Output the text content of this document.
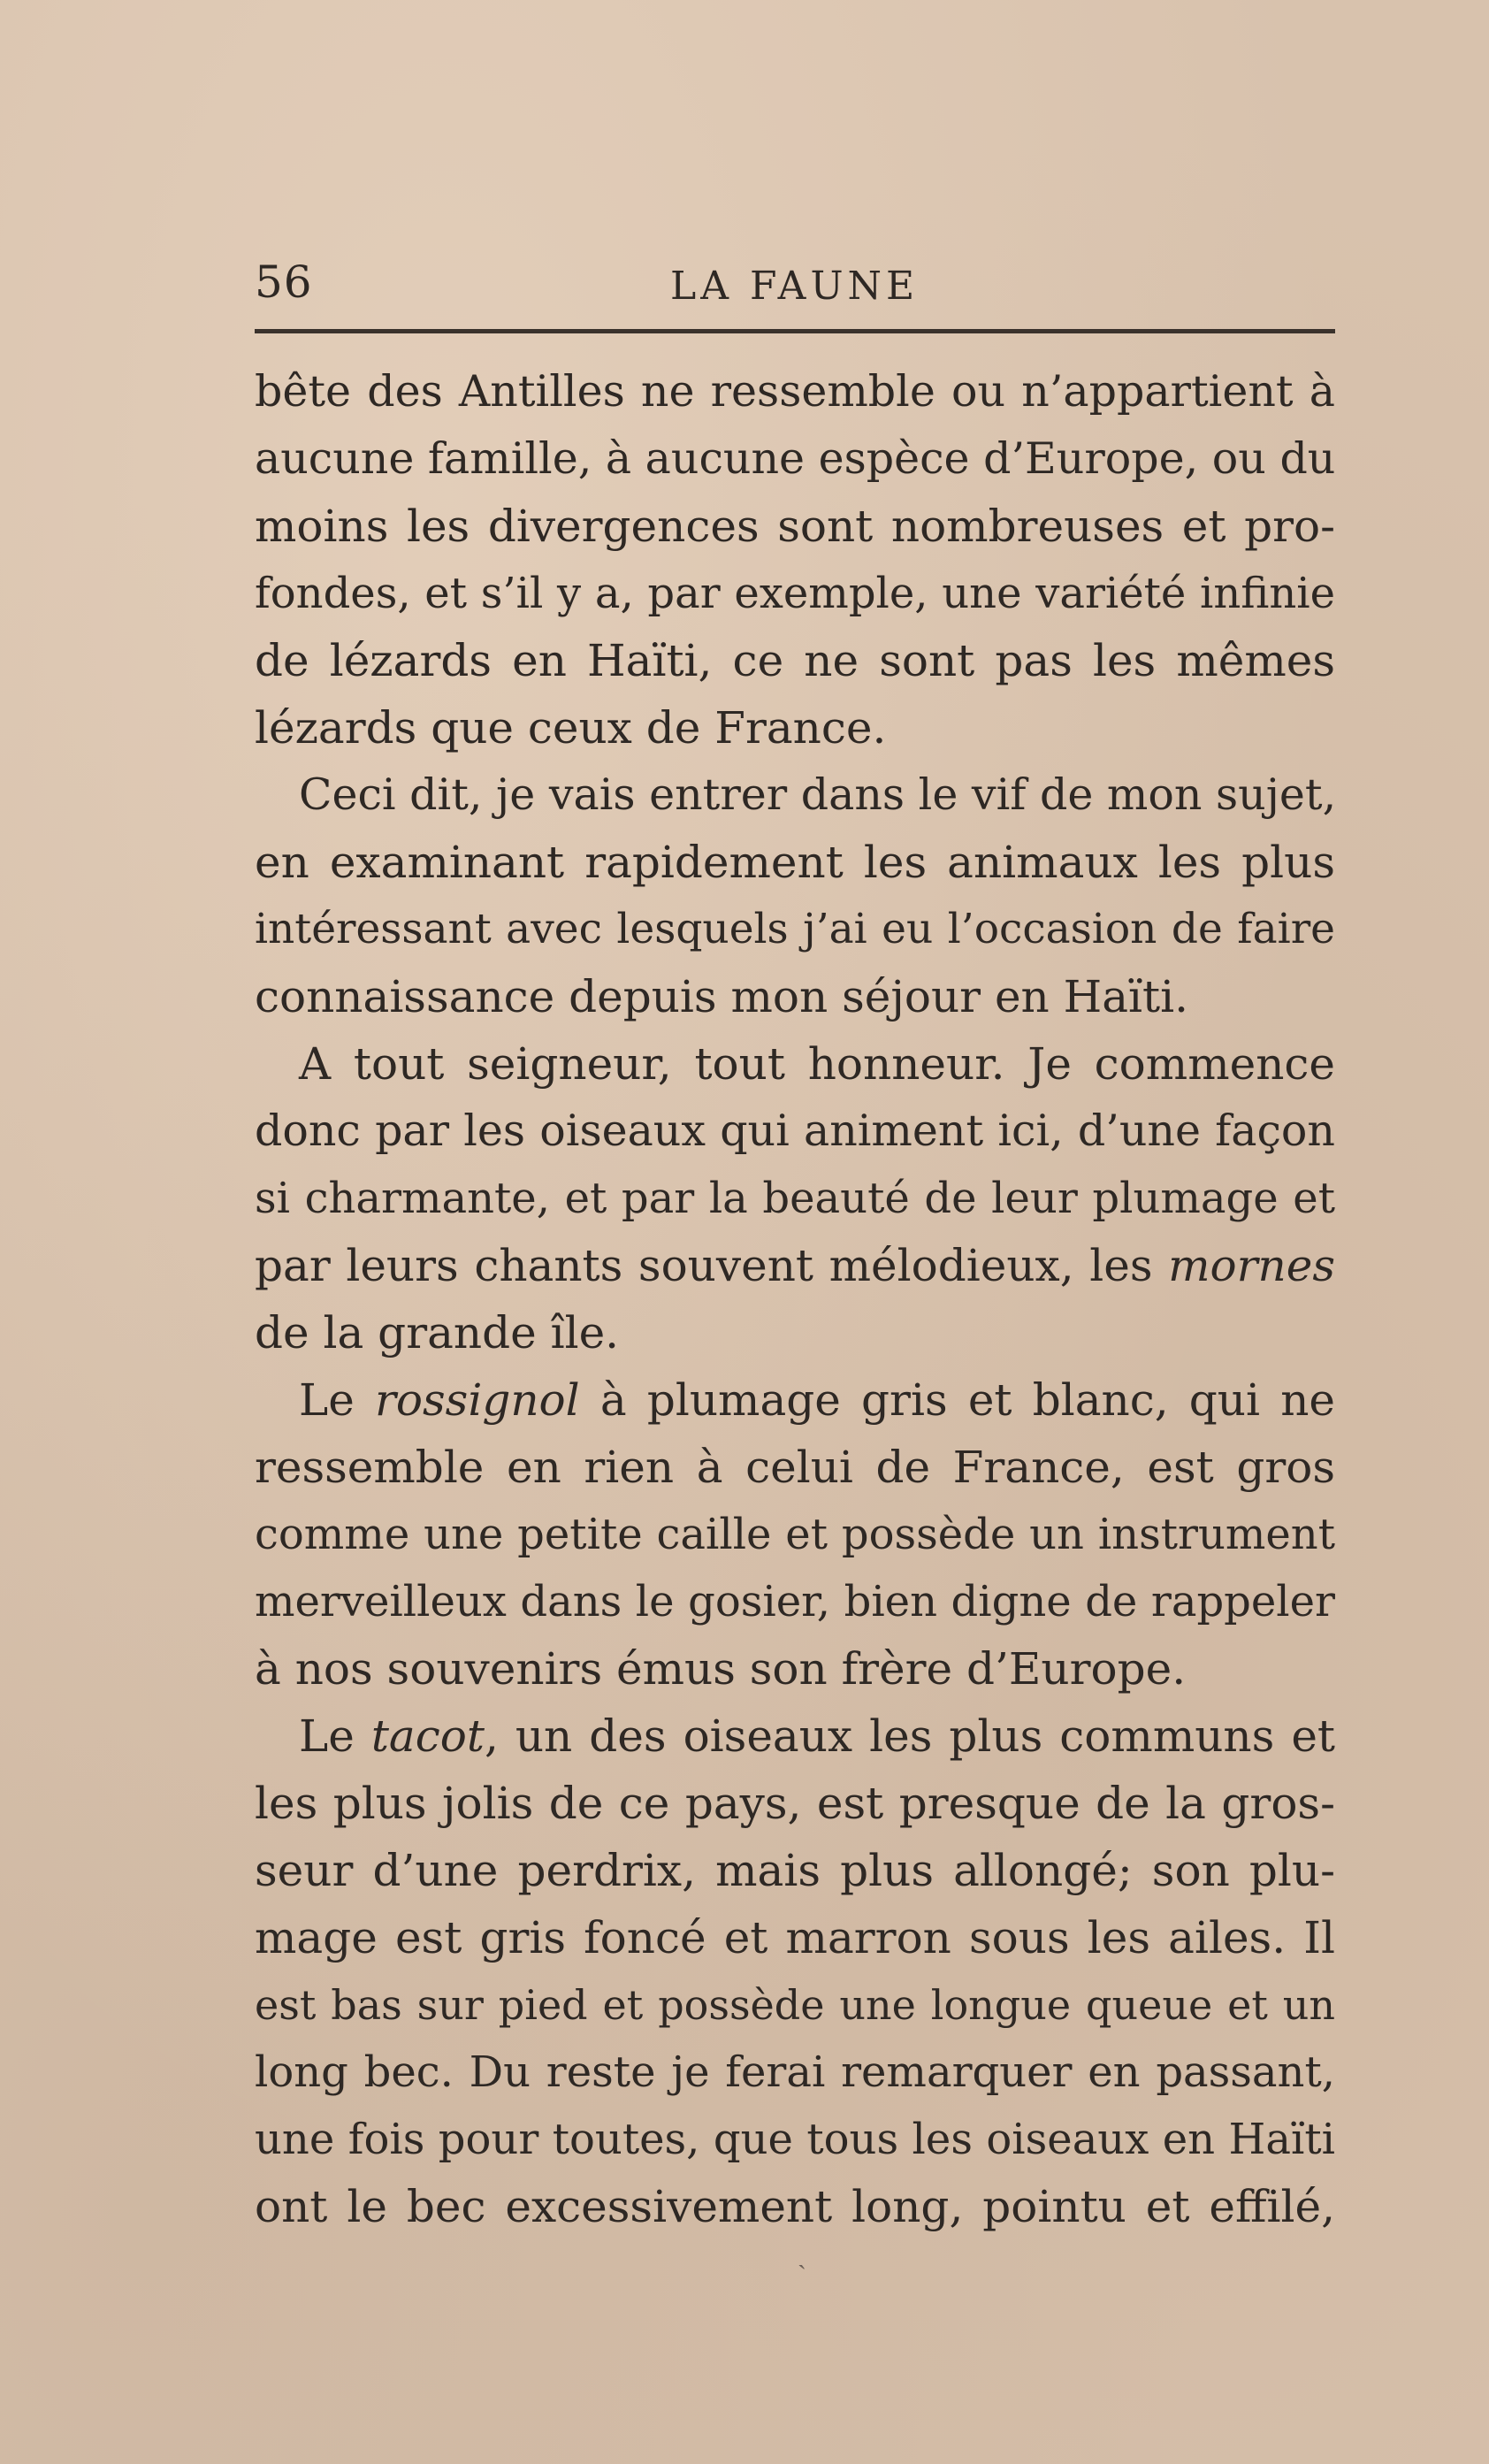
56	LA FAUNE
bête des Antilles ne ressemble ou n’appartient à
aucune famille, à aucune espèce d’Europe, ou du
moins les divergences sont nombreuses et pro-
fondes, et s’il y a, par exemple, une variété infinie
de lézards en Haïti, ce ne sont pas les mêmes
lézards que ceux de France.
Ceci dit, je vais entrer dans le vif de mon sujet,
en examinant rapidement les animaux les plus
intéressant avec lesquels j’ai eu l’occasion de faire
connaissance depuis mon séjour en Haïti.
A tout seigneur, tout honneur. Je commence
donc par les oiseaux qui animent ici, d’une façon
si charmante, et par la beauté de leur plumage et
par leurs chants souvent mélodieux, les mornes
de la grande île.
Le rossignol à plumage gris et blanc, qui ne
ressemble en rien à celui de France, est gros
comme une petite caille et possède un instrument
merveilleux dans le gosier, bien digne de rappeler
à nos souvenirs émus son frère d’Europe.
Le tacot, un des oiseaux les plus communs et
les plus jolis de ce pays, est presque de la gros-
seur d’une perdrix, mais plus allongé; son plu-
mage est gris foncé et marron sous les ailes. Il
est bas sur pied et possède une longue queue et un
long bec. Du reste je ferai remarquer en passant,
une fois pour toutes, que tous les oiseaux en Haïti
ont le bec excessivement long, pointu et effilé,
ˏ
